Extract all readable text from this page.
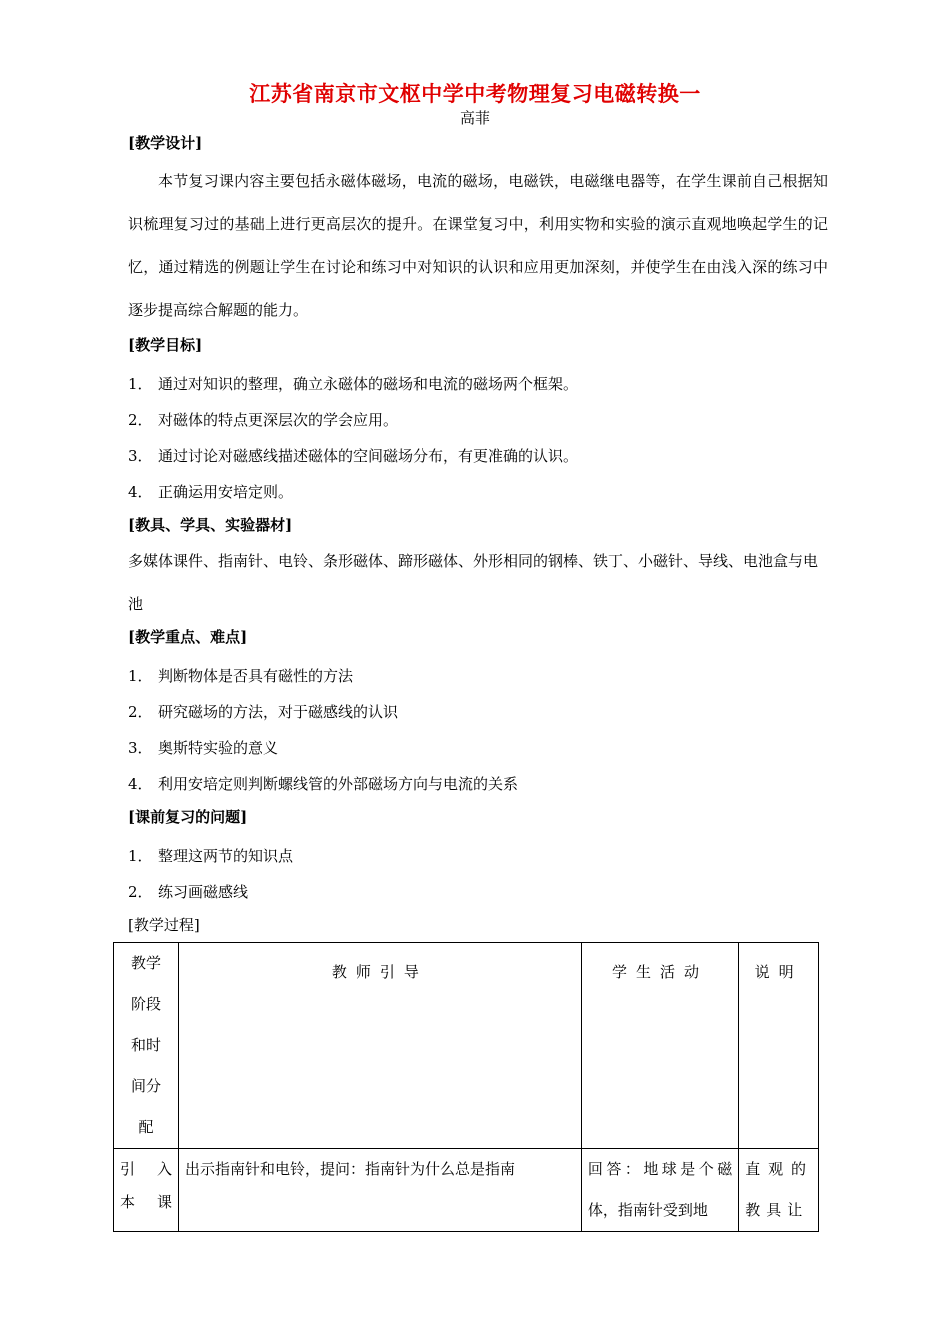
江苏省南京市文枢中学中考物理复习电磁转换一
高菲
[教学设计]

本节复习课内容主要包括永磁体磁场，电流的磁场，电磁铁，电磁继电器等，在学生课前自己根据知识梳理复习过的基础上进行更高层次的提升。在课堂复习中，利用实物和实验的演示直观地唤起学生的记忆，通过精选的例题让学生在讨论和练习中对知识的认识和应用更加深刻，并使学生在由浅入深的练习中逐步提高综合解题的能力。

[教学目标]
1． 通过对知识的整理，确立永磁体的磁场和电流的磁场两个框架。
2． 对磁体的特点更深层次的学会应用。
3． 通过讨论对磁感线描述磁体的空间磁场分布，有更准确的认识。
4． 正确运用安培定则。
[教具、学具、实验器材]

多媒体课件、指南针、电铃、条形磁体、蹄形磁体、外形相同的钢棒、铁丁、小磁针、导线、电池盒与电池

[教学重点、难点]
1． 判断物体是否具有磁性的方法
2． 研究磁场的方法，对于磁感线的认识
3． 奥斯特实验的意义
4． 利用安培定则判断螺线管的外部磁场方向与电流的关系
[课前复习的问题]
1． 整理这两节的知识点
2． 练习画磁感线
[教学过程]
教学
阶段
和时
间分
配	教师引导	学生活动	说明

引　入
本　课	出示指南针和电铃，提问：指南针为什么总是指南	回答：地球是个磁体，指南针受到地	直观的教具让
